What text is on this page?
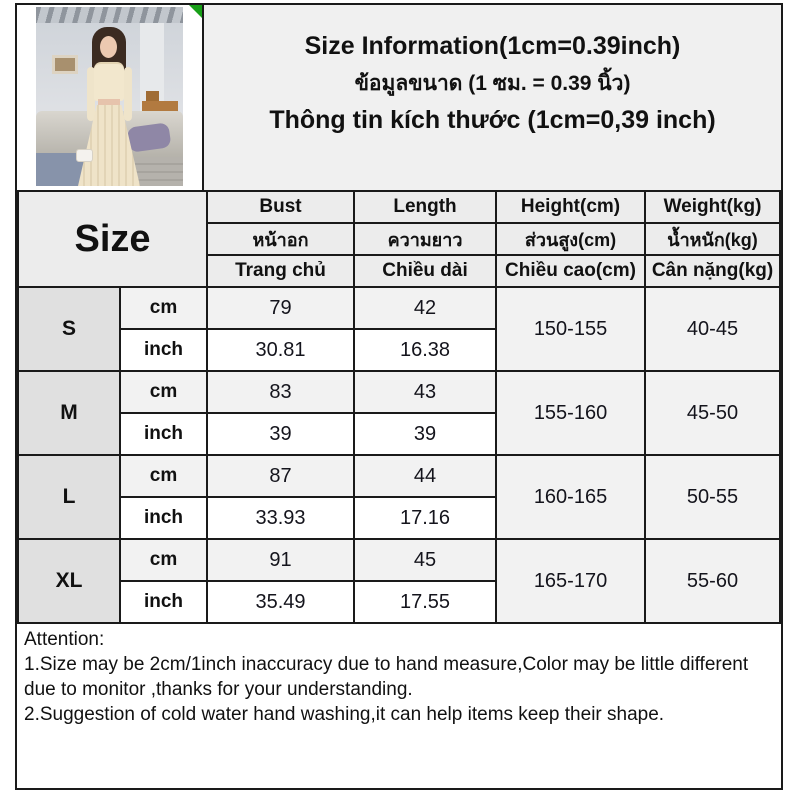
Size Information(1cm=0.39inch)
ข้อมูลขนาด (1 ซม. = 0.39 นิ้ว)
Thông tin kích thước (1cm=0,39 inch)
Size		Bust	Length	Height(cm)	Weight(kg)
		หน้าอก	ความยาว	ส่วนสูง(cm)	น้ำหนัก(kg)
		Trang chủ	Chiều dài	Chiều cao(cm)	Cân nặng(kg)
S	cm	79	42	150-155	40-45
	inch	30.81	16.38		
M	cm	83	43	155-160	45-50
	inch	39	39		
L	cm	87	44	160-165	50-55
	inch	33.93	17.16		
XL	cm	91	45	165-170	55-60
	inch	35.49	17.55		

Attention:

1.Size may be 2cm/1inch inaccuracy due to hand measure,Color may be little different due to monitor ,thanks for your understanding.

2.Suggestion of cold water hand washing,it can help items keep their shape.
